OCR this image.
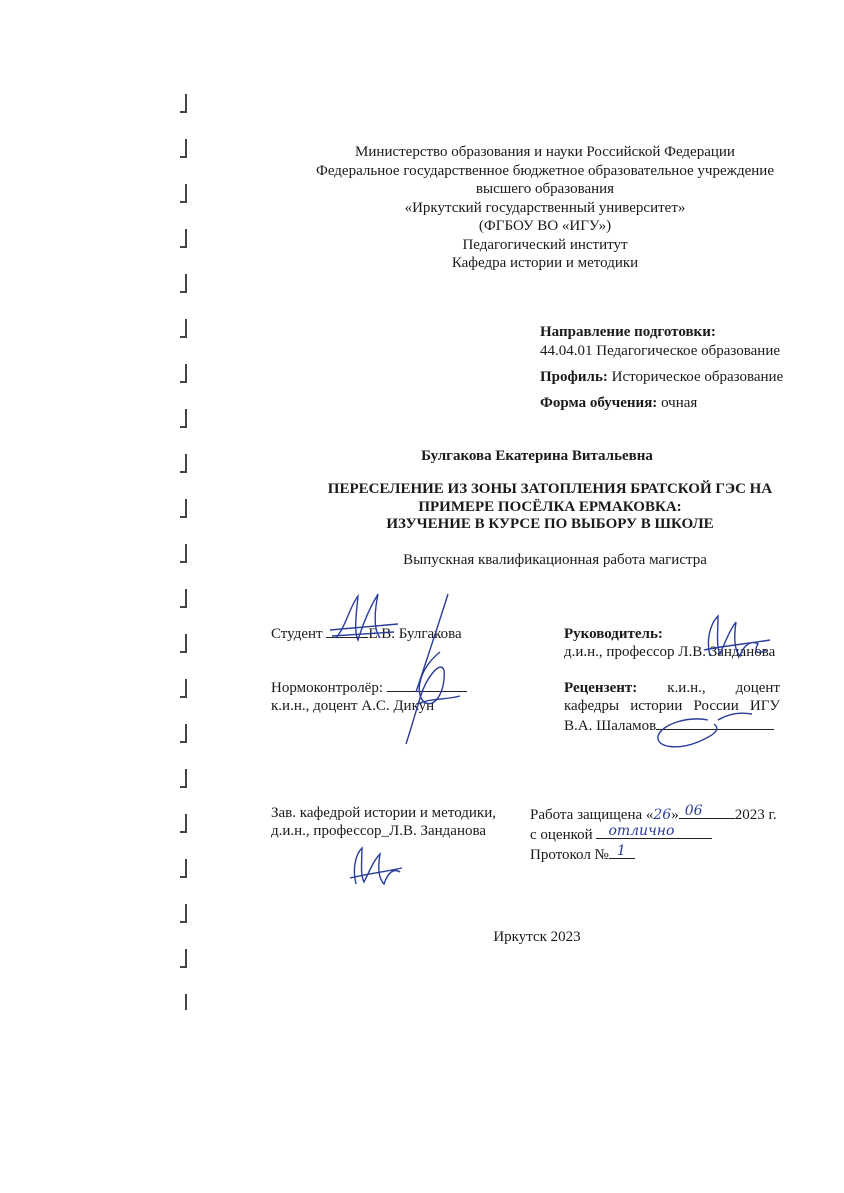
Министерство образования и науки Российской Федерации
Федеральное государственное бюджетное образовательное учреждение
высшего образования
«Иркутский государственный университет»
(ФГБОУ ВО «ИГУ»)
Педагогический институт
Кафедра истории и методики
Направление подготовки:
44.04.01 Педагогическое образование
Профиль: Историческое образование
Форма обучения: очная
Булгакова Екатерина Витальевна
ПЕРЕСЕЛЕНИЕ ИЗ ЗОНЫ ЗАТОПЛЕНИЯ БРАТСКОЙ ГЭС НА
ПРИМЕРЕ ПОСЁЛКА ЕРМАКОВКА:
ИЗУЧЕНИЕ В КУРСЕ ПО ВЫБОРУ В ШКОЛЕ
Выпускная квалификационная работа магистра
Студент	Е.В. Булгакова
Нормоконтролёр:
к.и.н., доцент А.С. Дикун
Руководитель:
д.и.н., профессор Л.В. Занданова
Рецензент: к.и.н., доцент
кафедры истории России ИГУ
В.А. Шаламов
Зав. кафедрой истории и методики,
д.и.н., профессор_Л.В. Занданова
Работа защищена «26» 06 2023 г.
с оценкой отлично
Протокол № 1
Иркутск 2023
